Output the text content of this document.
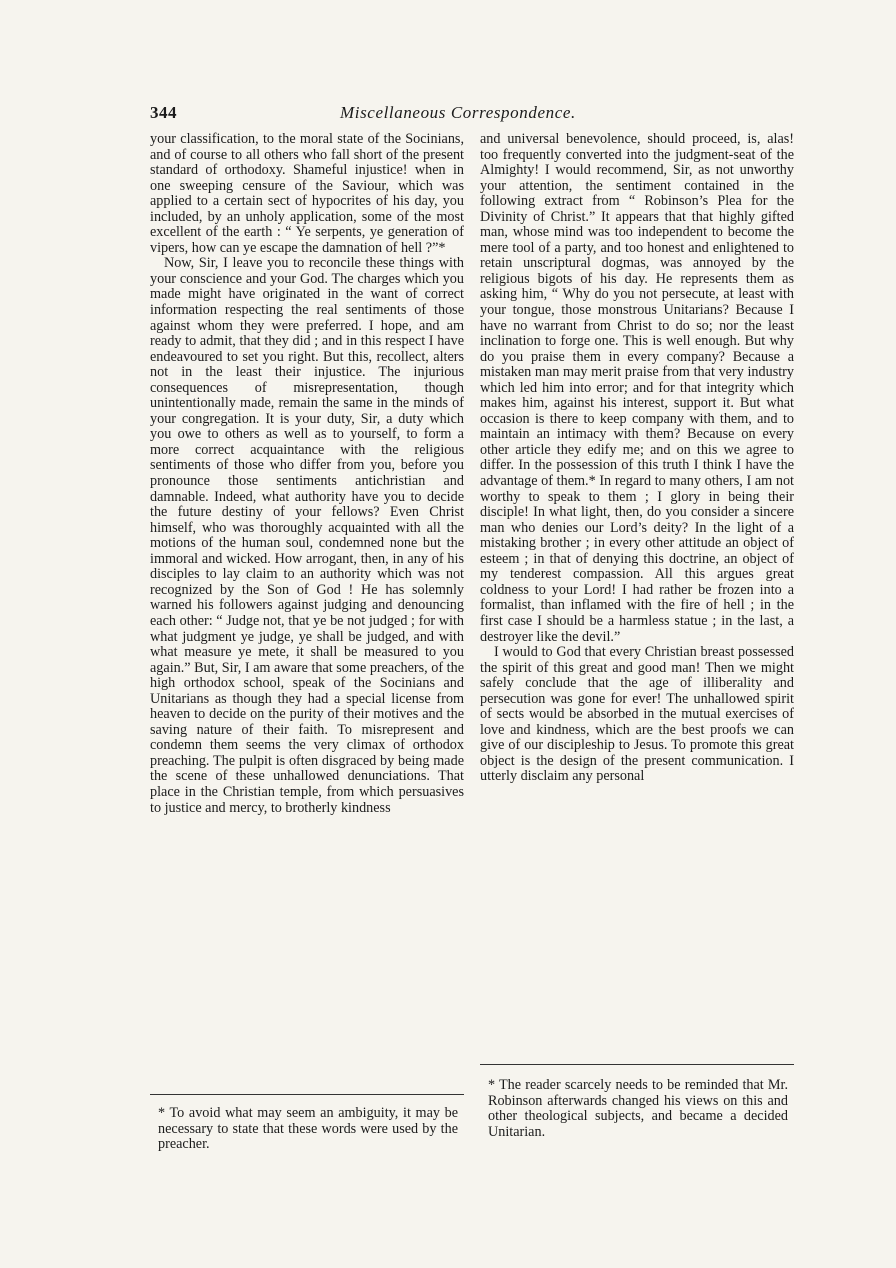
344	Miscellaneous Correspondence.

your classification, to the moral state of the Socinians, and of course to all others who fall short of the present standard of orthodoxy. Shameful injustice! when in one sweeping censure of the Saviour, which was applied to a certain sect of hypocrites of his day, you included, by an unholy application, some of the most excellent of the earth : “ Ye serpents, ye generation of vipers, how can ye escape the damnation of hell ?”*

Now, Sir, I leave you to reconcile these things with your conscience and your God. The charges which you made might have originated in the want of correct information respecting the real sentiments of those against whom they were preferred. I hope, and am ready to admit, that they did ; and in this respect I have endeavoured to set you right. But this, recollect, alters not in the least their injustice. The injurious consequences of misrepresentation, though unintentionally made, remain the same in the minds of your congregation. It is your duty, Sir, a duty which you owe to others as well as to yourself, to form a more correct acquaintance with the religious sentiments of those who differ from you, before you pronounce those sentiments antichristian and damnable. Indeed, what authority have you to decide the future destiny of your fellows? Even Christ himself, who was thoroughly acquainted with all the motions of the human soul, condemned none but the immoral and wicked. How arrogant, then, in any of his disciples to lay claim to an authority which was not recognized by the Son of God ! He has solemnly warned his followers against judging and denouncing each other: “ Judge not, that ye be not judged ; for with what judgment ye judge, ye shall be judged, and with what measure ye mete, it shall be measured to you again.” But, Sir, I am aware that some preachers, of the high orthodox school, speak of the Socinians and Unitarians as though they had a special license from heaven to decide on the purity of their motives and the saving nature of their faith. To misrepresent and condemn them seems the very climax of orthodox preaching. The pulpit is often disgraced by being made the scene of these unhallowed denunciations. That place in the Christian temple, from which persuasives to justice and mercy, to brotherly kindness

and universal benevolence, should proceed, is, alas! too frequently converted into the judgment-seat of the Almighty! I would recommend, Sir, as not unworthy your attention, the sentiment contained in the following extract from “ Robinson’s Plea for the Divinity of Christ.” It appears that that highly gifted man, whose mind was too independent to become the mere tool of a party, and too honest and enlightened to retain unscriptural dogmas, was annoyed by the religious bigots of his day. He represents them as asking him, “ Why do you not persecute, at least with your tongue, those monstrous Unitarians? Because I have no warrant from Christ to do so; nor the least inclination to forge one. This is well enough. But why do you praise them in every company? Because a mistaken man may merit praise from that very industry which led him into error; and for that integrity which makes him, against his interest, support it. But what occasion is there to keep company with them, and to maintain an intimacy with them? Because on every other article they edify me; and on this we agree to differ. In the possession of this truth I think I have the advantage of them.* In regard to many others, I am not worthy to speak to them ; I glory in being their disciple! In what light, then, do you consider a sincere man who denies our Lord’s deity? In the light of a mistaking brother ; in every other attitude an object of esteem ; in that of denying this doctrine, an object of my tenderest compassion. All this argues great coldness to your Lord! I had rather be frozen into a formalist, than inflamed with the fire of hell ; in the first case I should be a harmless statue ; in the last, a destroyer like the devil.”

I would to God that every Christian breast possessed the spirit of this great and good man! Then we might safely conclude that the age of illiberality and persecution was gone for ever! The unhallowed spirit of sects would be absorbed in the mutual exercises of love and kindness, which are the best proofs we can give of our discipleship to Jesus. To promote this great object is the design of the present communication. I utterly disclaim any personal

* To avoid what may seem an ambiguity, it may be necessary to state that these words were used by the preacher.
* The reader scarcely needs to be reminded that Mr. Robinson afterwards changed his views on this and other theological subjects, and became a decided Unitarian.
